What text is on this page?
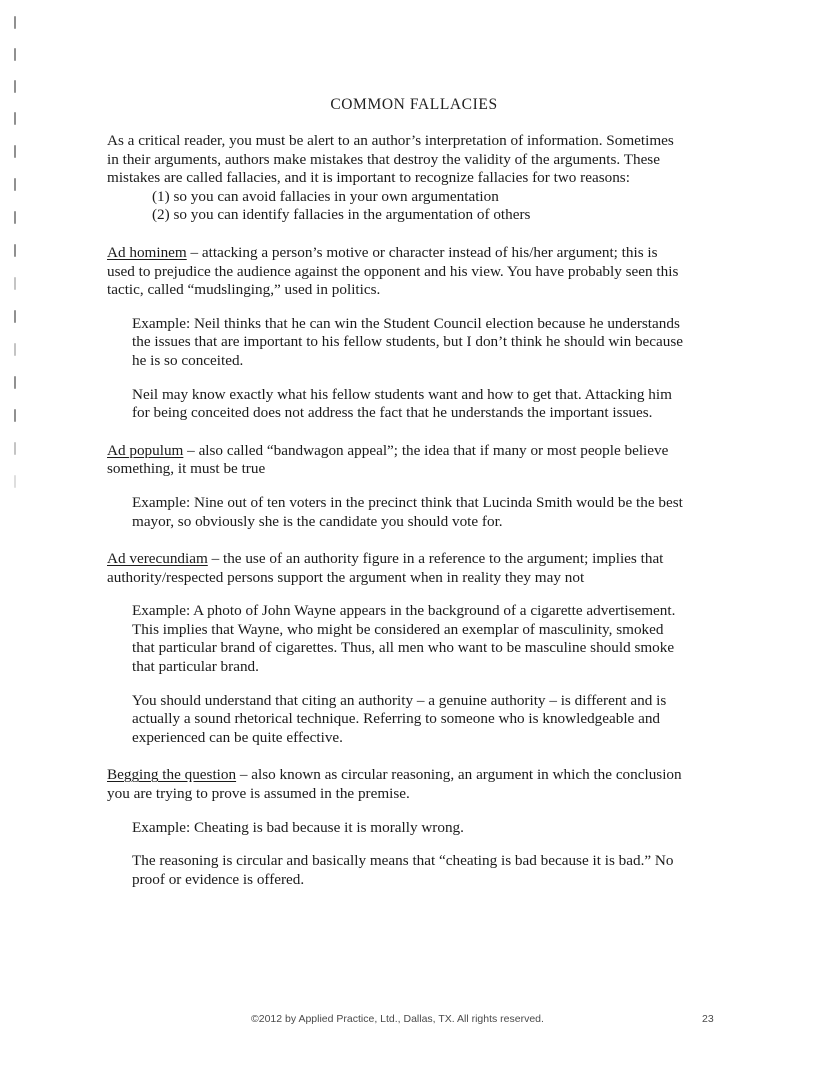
COMMON FALLACIES

As a critical reader, you must be alert to an author’s interpretation of information. Sometimes in their arguments, authors make mistakes that destroy the validity of the arguments. These mistakes are called fallacies, and it is important to recognize fallacies for two reasons:

(1) so you can avoid fallacies in your own argumentation
(2) so you can identify fallacies in the argumentation of others

Ad hominem – attacking a person’s motive or character instead of his/her argument; this is used to prejudice the audience against the opponent and his view. You have probably seen this tactic, called “mudslinging,” used in politics.

Example: Neil thinks that he can win the Student Council election because he understands the issues that are important to his fellow students, but I don’t think he should win because he is so conceited.

Neil may know exactly what his fellow students want and how to get that. Attacking him for being conceited does not address the fact that he understands the important issues.

Ad populum – also called “bandwagon appeal”; the idea that if many or most people believe something, it must be true

Example: Nine out of ten voters in the precinct think that Lucinda Smith would be the best mayor, so obviously she is the candidate you should vote for.

Ad verecundiam – the use of an authority figure in a reference to the argument; implies that authority/respected persons support the argument when in reality they may not

Example: A photo of John Wayne appears in the background of a cigarette advertisement. This implies that Wayne, who might be considered an exemplar of masculinity, smoked that particular brand of cigarettes. Thus, all men who want to be masculine should smoke that particular brand.

You should understand that citing an authority – a genuine authority – is different and is actually a sound rhetorical technique. Referring to someone who is knowledgeable and experienced can be quite effective.

Begging the question – also known as circular reasoning, an argument in which the conclusion you are trying to prove is assumed in the premise.

Example: Cheating is bad because it is morally wrong.

The reasoning is circular and basically means that “cheating is bad because it is bad.” No proof or evidence is offered.

©2012 by Applied Practice, Ltd., Dallas, TX. All rights reserved.	23
